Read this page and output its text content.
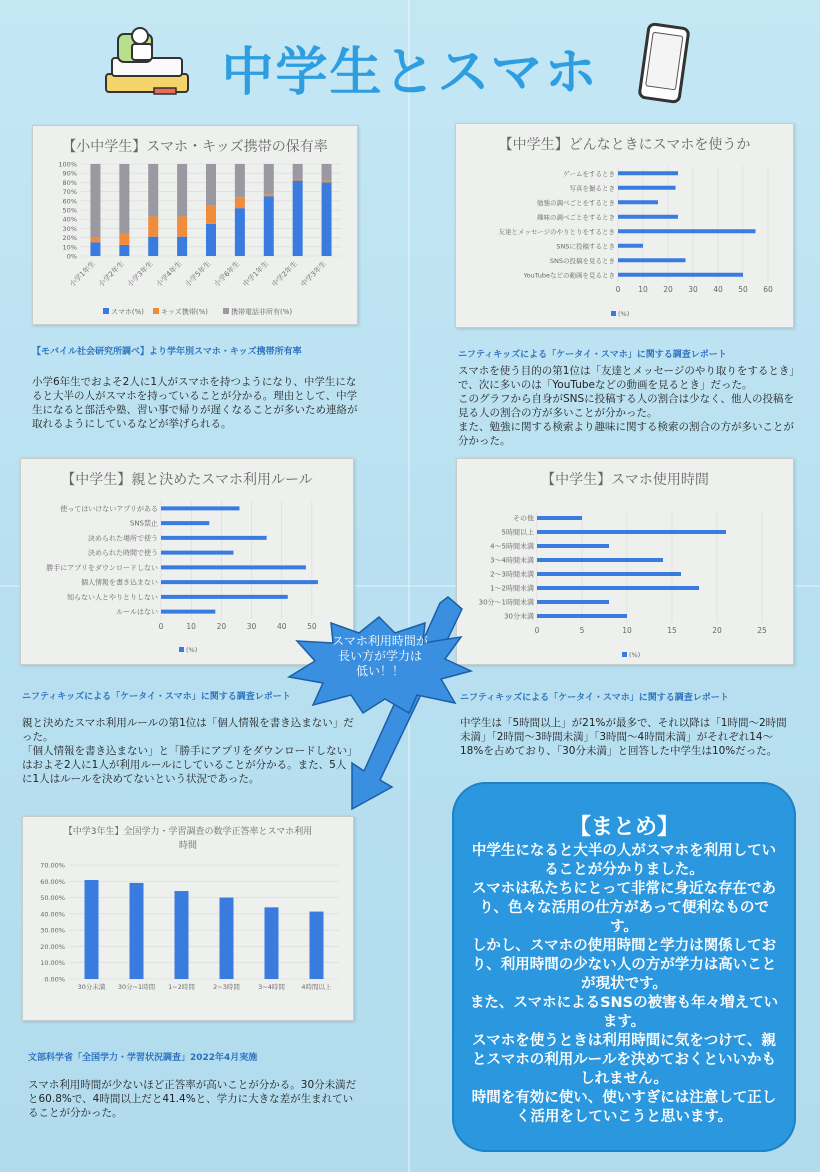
中学生とスマホ
【小中学生】スマホ・キッズ携帯の保有率
0%
10%
20%
30%
40%
50%
60%
70%
80%
90%
100%
小学1年生 小学2年生 小学3年生 小学4年生 小学5年生 小学6年生 中学1年生 中学2年生 中学3年生
スマホ(%) キッズ携帯(%)	携帯電話非所有(%)
【モバイル社会研究所調べ】より学年別スマホ・キッズ携帯所有率
小学6年生でおよそ2人に1人がスマホを持つようになり、中学生になると大半の人がスマホを持っていることが分かる。理由として、中学生になると部活や塾、習い事で帰りが遅くなることが多いため連絡が取れるようにしているなどが挙げられる。
【中学生】どんなときにスマホを使うか
0 10 20 30 40 50 60
ゲームをするとき
写真を撮るとき
勉強の調べごとをするとき
趣味の調べごとをするとき
友達とメッセージのやりとりをするとき
SNSに投稿するとき
SNSの投稿を見るとき
YouTubeなどの動画を見るとき
(%)
ニフティキッズによる「ケータイ・スマホ」に関する調査レポート
スマホを使う目的の第1位は「友達とメッセージのやり取りをするとき」で、次に多いのは「YouTubeなどの動画を見るとき」だった。
このグラフから自身がSNSに投稿する人の割合は少なく、他人の投稿を見る人の割合の方が多いことが分かった。
また、勉強に関する検索より趣味に関する検索の割合の方が多いことが分かった。
【中学生】親と決めたスマホ利用ルール
0	10	20	30	40	50
使ってはいけないアプリがある
SNS禁止
決められた場所で使う
決められた時間で使う
勝手にアプリをダウンロードしない
個人情報を書き込まない
知らない人とやりとりしない
ルールはない
(%)
ニフティキッズによる「ケータイ・スマホ」に関する調査レポート
親と決めたスマホ利用ルールの第1位は「個人情報を書き込まない」だった。
「個人情報を書き込まない」と「勝手にアプリをダウンロードしない」はおよそ2人に1人が利用ルールにしていることが分かる。また、5人に1人はルールを決めてないという状況であった。
【中学生】スマホ使用時間
0	5	10	15	20	25
その他
5時間以上
4～5時間未満
3～4時間未満
2～3時間未満
1～2時間未満
30分～1時間未満
30分未満
(%)
ニフティキッズによる「ケータイ・スマホ」に関する調査レポート
中学生は「5時間以上」が21%が最多で、それ以降は「1時間～2時間未満」「2時間～3時間未満」「3時間～4時間未満」がそれぞれ14～18%を占めており、「30分未満」と回答した中学生は10%だった。
【中学3年生】全国学力・学習調査の数学正答率とスマホ利用時間
0.00%
10.00%
20.00%
30.00%
40.00%
50.00%
60.00%
70.00%
30分未満 30分~1時間 1~2時間	2~3時間	3~4時間	4時間以上
文部科学省「全国学力・学習状況調査」2022年4月実施
スマホ利用時間が少ないほど正答率が高いことが分かる。30分未満だと60.8%で、4時間以上だと41.4%と、学力に大きな差が生まれていることが分かった。
スマホ利用時間が
長い方が学力は
低い！！
【まとめ】
中学生になると大半の人がスマホを利用していることが分かりました。
スマホは私たちにとって非常に身近な存在であり、色々な活用の仕方があって便利なものです。
しかし、スマホの使用時間と学力は関係しており、利用時間の少ない人の方が学力は高いことが現状です。
また、スマホによるSNSの被害も年々増えています。
スマホを使うときは利用時間に気をつけて、親とスマホの利用ルールを決めておくといいかもしれません。
時間を有効に使い、使いすぎには注意して正しく活用をしていこうと思います。
